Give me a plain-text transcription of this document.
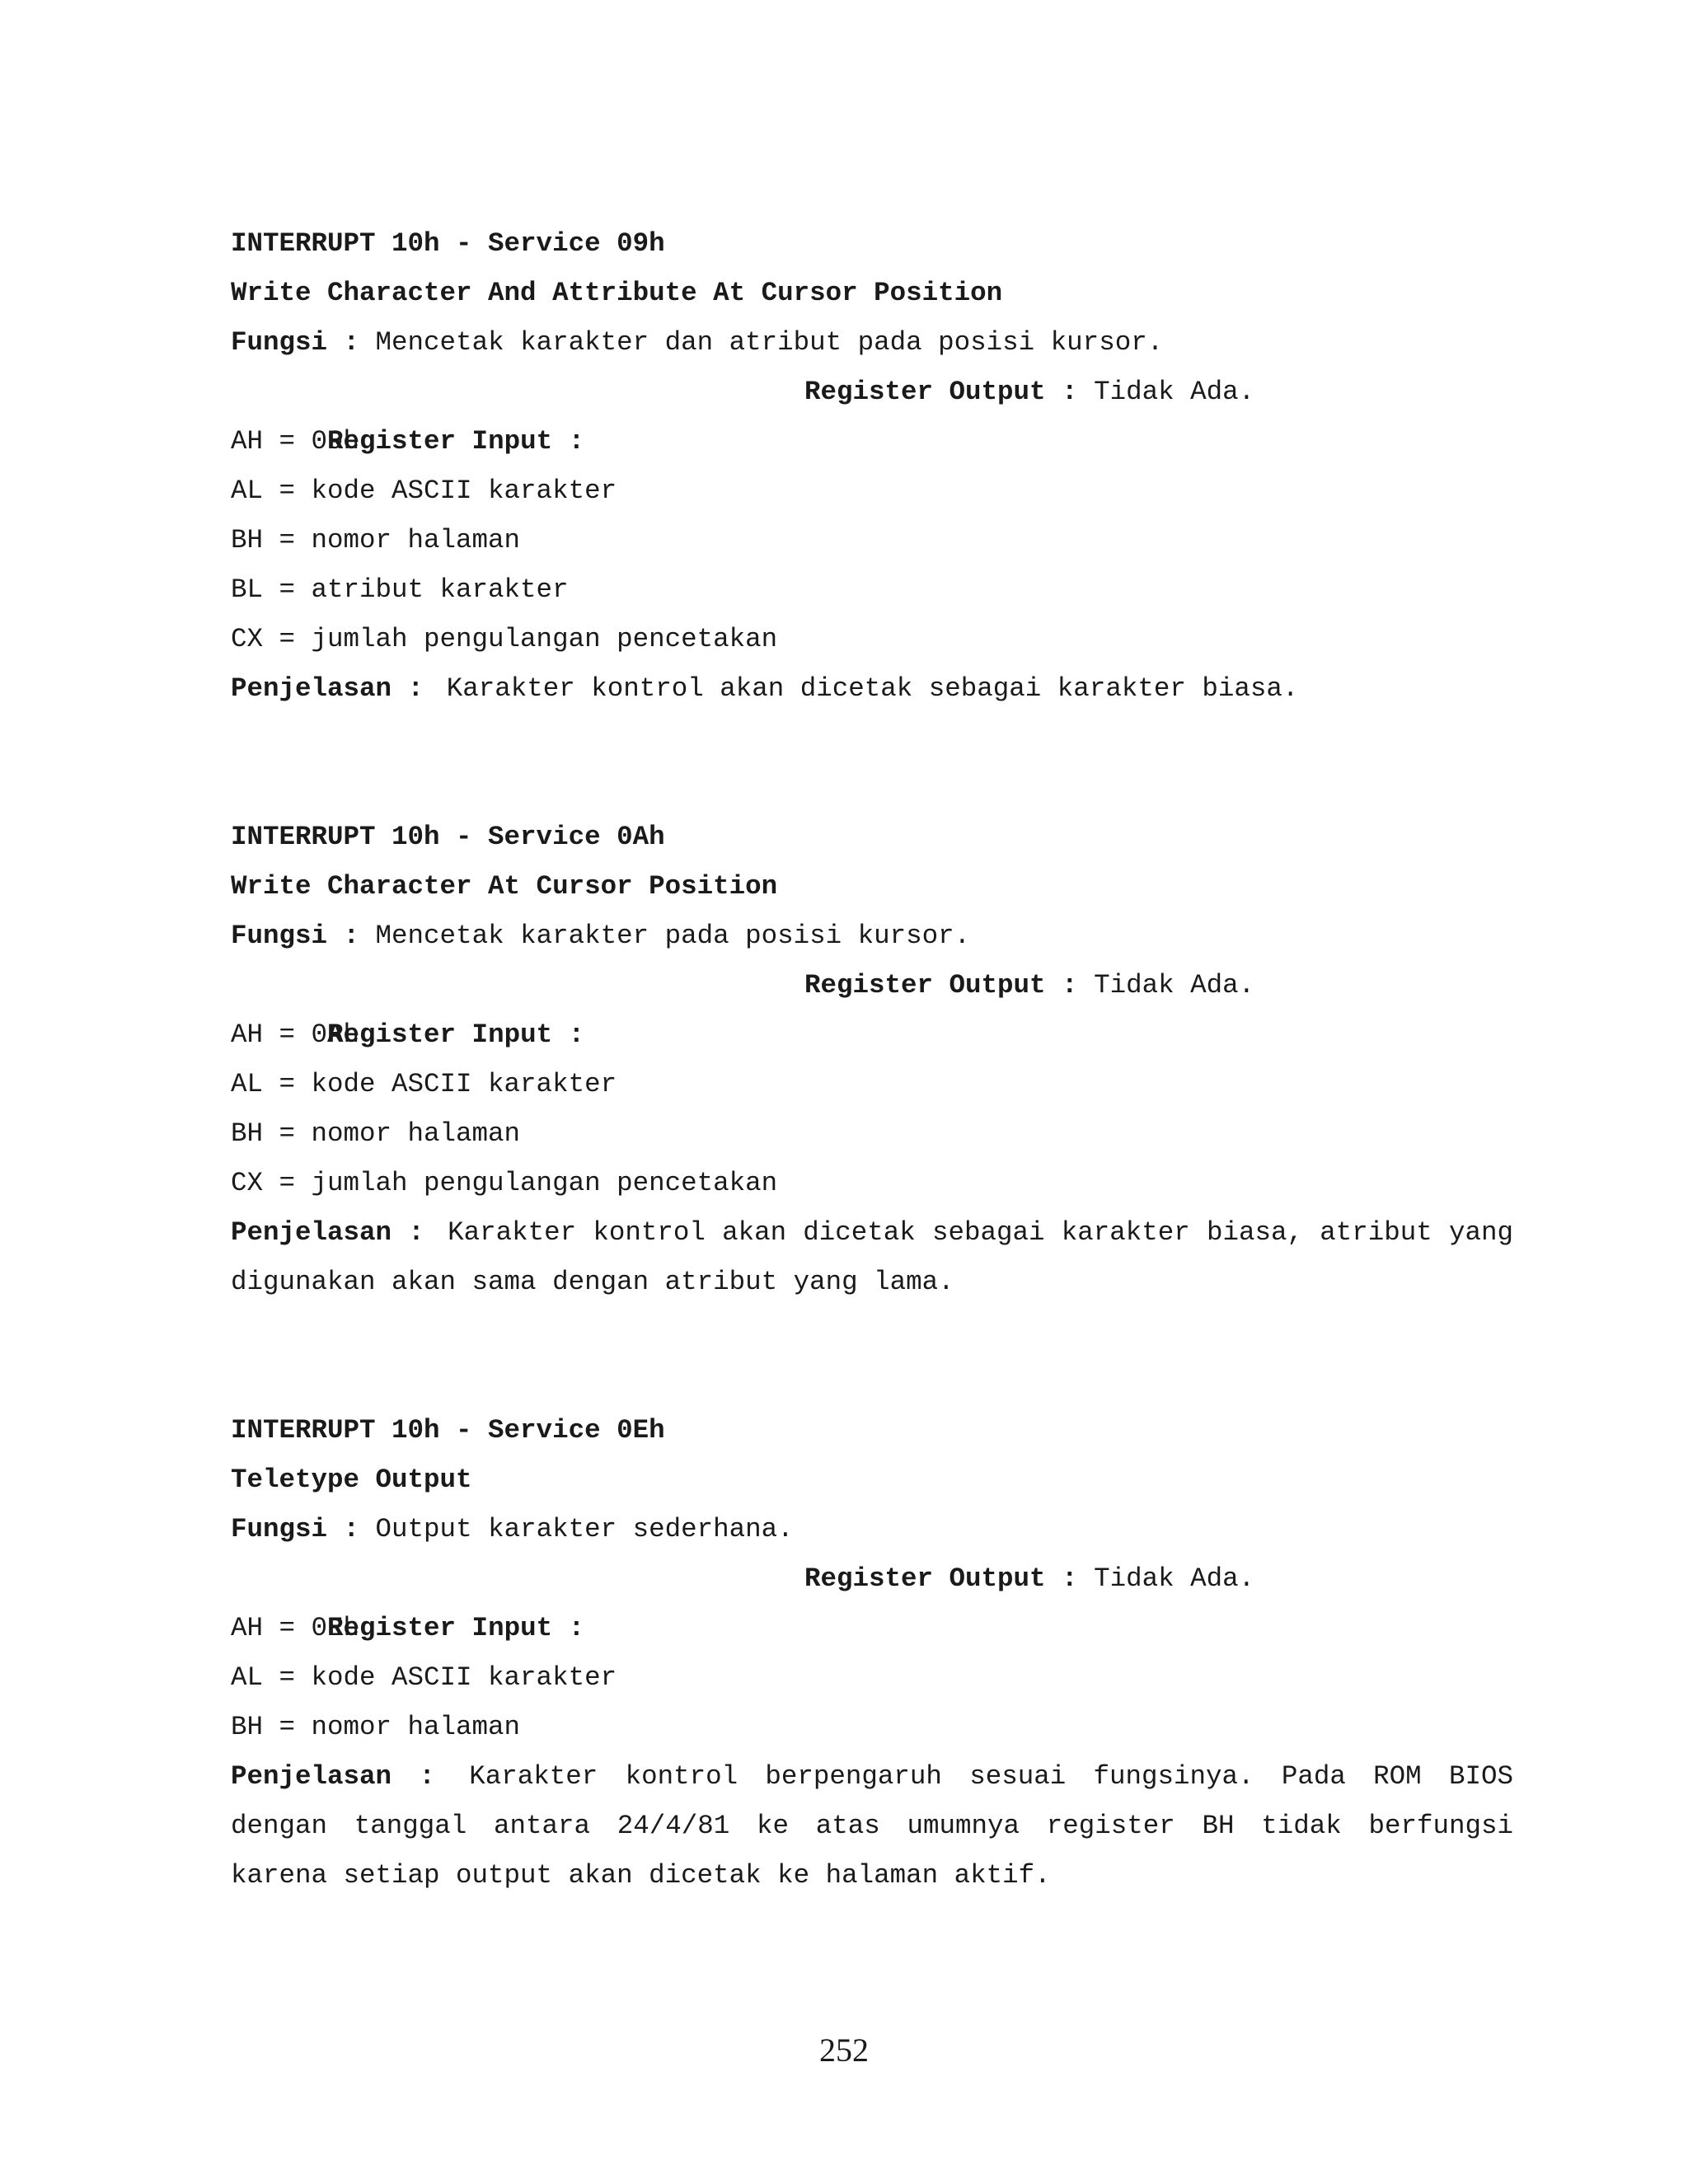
INTERRUPT 10h - Service 09h
Write Character And Attribute At Cursor Position
Fungsi : Mencetak karakter dan atribut pada posisi kursor.

Register Input :

Register Output : Tidak Ada.

AH = 09h
AL = kode ASCII karakter
BH = nomor halaman
BL = atribut karakter
CX = jumlah pengulangan pencetakan

Penjelasan : Karakter kontrol akan dicetak sebagai karakter biasa.

INTERRUPT 10h - Service 0Ah
Write Character At Cursor Position
Fungsi : Mencetak karakter pada posisi kursor.

Register Input :

Register Output : Tidak Ada.

AH = 0Ah
AL = kode ASCII karakter
BH = nomor halaman
CX = jumlah pengulangan pencetakan

Penjelasan : Karakter kontrol akan dicetak sebagai karakter biasa, atribut yang digunakan akan sama dengan atribut yang lama.

INTERRUPT 10h - Service 0Eh
Teletype Output
Fungsi : Output karakter sederhana.

Register Input :

Register Output : Tidak Ada.

AH = 0Eh
AL = kode ASCII karakter
BH = nomor halaman

Penjelasan : Karakter kontrol berpengaruh sesuai fungsinya. Pada ROM BIOS dengan tanggal antara 24/4/81 ke atas umumnya register BH tidak berfungsi karena setiap output akan dicetak ke halaman aktif.

252
